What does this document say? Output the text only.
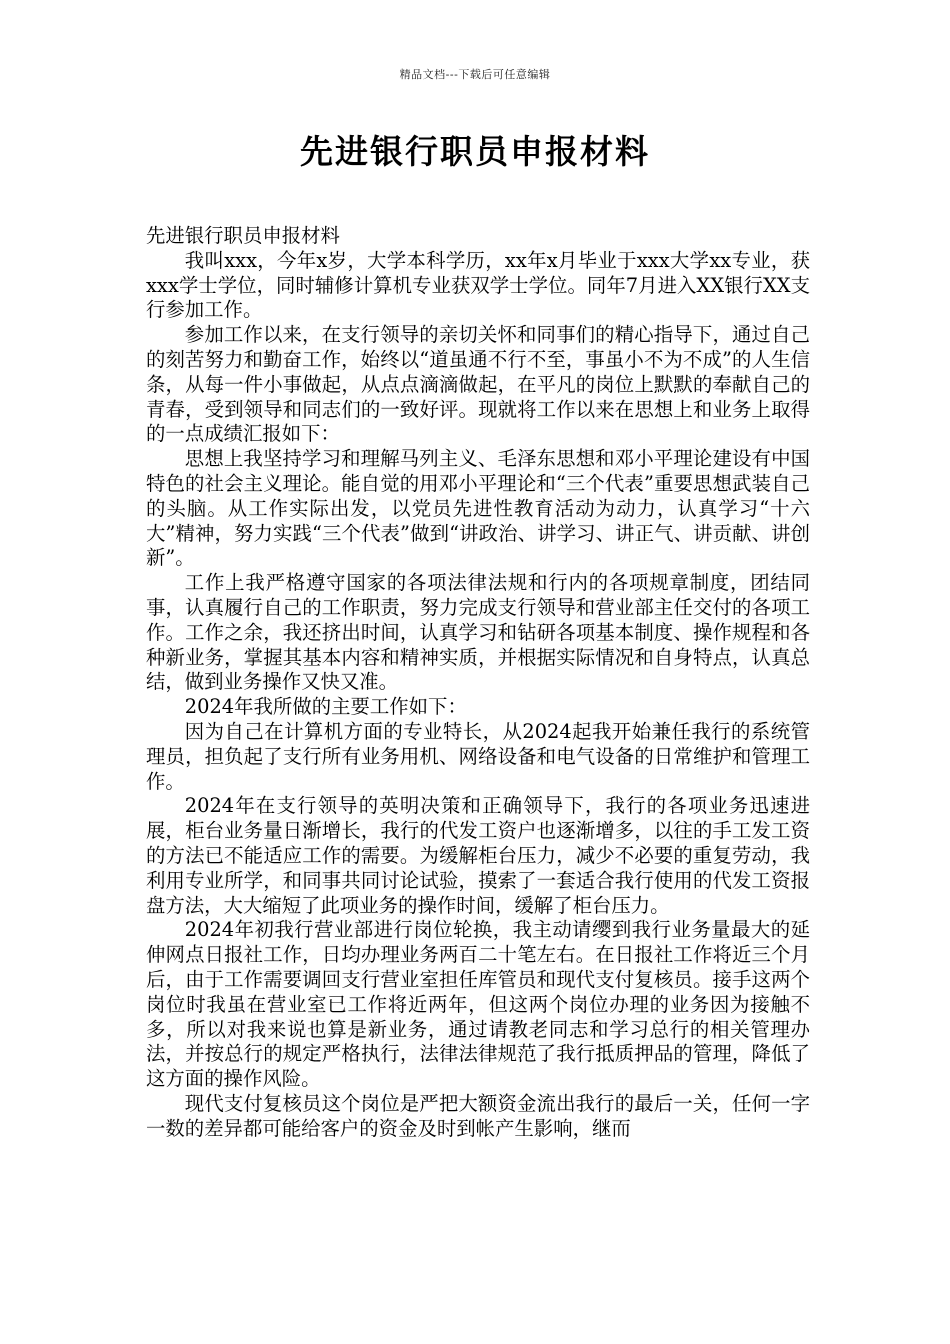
精品文档---下载后可任意编辑
先进银行职员申报材料

先进银行职员申报材料

我叫xxx，今年x岁，大学本科学历，xx年x月毕业于xxx大学xx专业，获xxx学士学位，同时辅修计算机专业获双学士学位。同年7月进入XX银行XX支行参加工作。

参加工作以来，在支行领导的亲切关怀和同事们的精心指导下，通过自己的刻苦努力和勤奋工作，始终以“道虽通不行不至，事虽小不为不成”的人生信条，从每一件小事做起，从点点滴滴做起，在平凡的岗位上默默的奉献自己的青春，受到领导和同志们的一致好评。现就将工作以来在思想上和业务上取得的一点成绩汇报如下：

思想上我坚持学习和理解马列主义、毛泽东思想和邓小平理论建设有中国特色的社会主义理论。能自觉的用邓小平理论和“三个代表”重要思想武装自己的头脑。从工作实际出发，以党员先进性教育活动为动力，认真学习“十六大”精神，努力实践“三个代表”做到“讲政治、讲学习、讲正气、讲贡献、讲创新”。

工作上我严格遵守国家的各项法律法规和行内的各项规章制度，团结同事，认真履行自己的工作职责，努力完成支行领导和营业部主任交付的各项工作。工作之余，我还挤出时间，认真学习和钻研各项基本制度、操作规程和各种新业务，掌握其基本内容和精神实质，并根据实际情况和自身特点，认真总结，做到业务操作又快又准。

2024年我所做的主要工作如下：

因为自己在计算机方面的专业特长，从2024起我开始兼任我行的系统管理员，担负起了支行所有业务用机、网络设备和电气设备的日常维护和管理工作。

2024年在支行领导的英明决策和正确领导下，我行的各项业务迅速进展，柜台业务量日渐增长，我行的代发工资户也逐渐增多，以往的手工发工资的方法已不能适应工作的需要。为缓解柜台压力，减少不必要的重复劳动，我利用专业所学，和同事共同讨论试验，摸索了一套适合我行使用的代发工资报盘方法，大大缩短了此项业务的操作时间，缓解了柜台压力。

2024年初我行营业部进行岗位轮换，我主动请缨到我行业务量最大的延伸网点日报社工作，日均办理业务两百二十笔左右。在日报社工作将近三个月后，由于工作需要调回支行营业室担任库管员和现代支付复核员。接手这两个岗位时我虽在营业室已工作将近两年，但这两个岗位办理的业务因为接触不多，所以对我来说也算是新业务，通过请教老同志和学习总行的相关管理办法，并按总行的规定严格执行，法律法律规范了我行抵质押品的管理，降低了这方面的操作风险。

现代支付复核员这个岗位是严把大额资金流出我行的最后一关，任何一字一数的差异都可能给客户的资金及时到帐产生影响，继而
